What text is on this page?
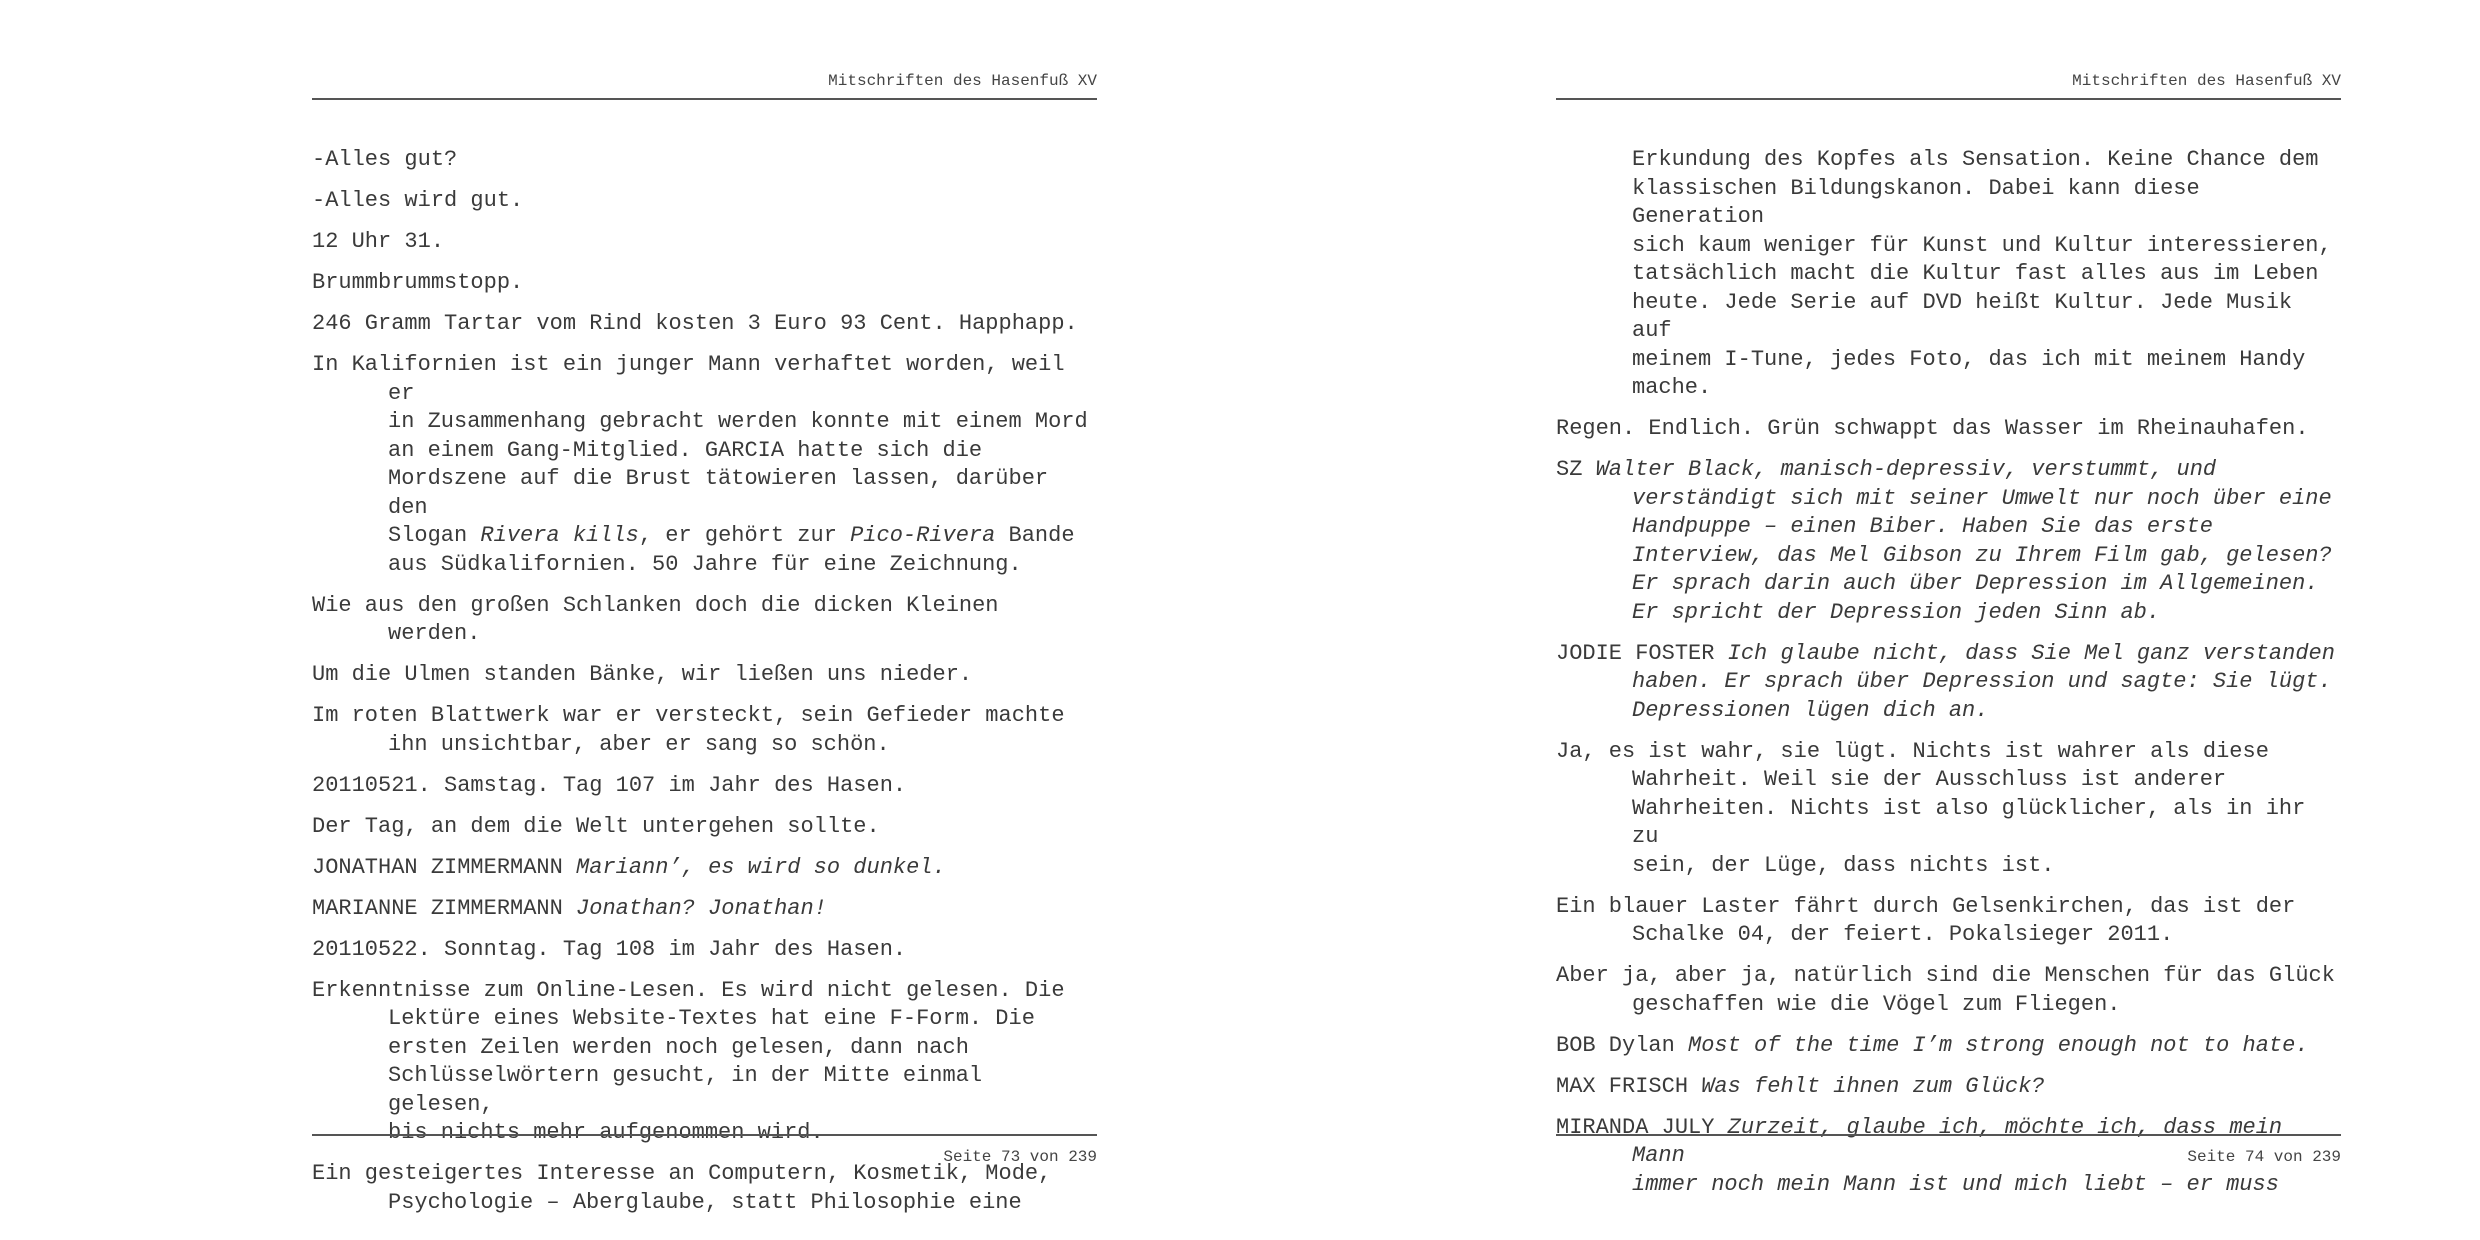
Mitschriften des Hasenfuß XV

-Alles gut?

-Alles wird gut.

12 Uhr 31.

Brummbrummstopp.

246 Gramm Tartar vom Rind kosten 3 Euro 93 Cent. Happhapp.

In Kalifornien ist ein junger Mann verhaftet worden, weil er
in Zusammenhang gebracht werden konnte mit einem Mord
an einem Gang-Mitglied. GARCIA hatte sich die
Mordszene auf die Brust tätowieren lassen, darüber den
Slogan Rivera kills, er gehört zur Pico-Rivera Bande
aus Südkalifornien. 50 Jahre für eine Zeichnung.

Wie aus den großen Schlanken doch die dicken Kleinen werden.

Um die Ulmen standen Bänke, wir ließen uns nieder.

Im roten Blattwerk war er versteckt, sein Gefieder machte
ihn unsichtbar, aber er sang so schön.

20110521. Samstag. Tag 107 im Jahr des Hasen.

Der Tag, an dem die Welt untergehen sollte.

JONATHAN ZIMMERMANN Mariann’, es wird so dunkel.

MARIANNE ZIMMERMANN Jonathan? Jonathan!

20110522. Sonntag. Tag 108 im Jahr des Hasen.

Erkenntnisse zum Online-Lesen. Es wird nicht gelesen. Die
Lektüre eines Website-Textes hat eine F-Form. Die
ersten Zeilen werden noch gelesen, dann nach
Schlüsselwörtern gesucht, in der Mitte einmal gelesen,
bis nichts mehr aufgenommen wird.

Ein gesteigertes Interesse an Computern, Kosmetik, Mode,
Psychologie – Aberglaube, statt Philosophie eine

Seite 73 von 239
Mitschriften des Hasenfuß XV

Erkundung des Kopfes als Sensation. Keine Chance dem
klassischen Bildungskanon. Dabei kann diese Generation
sich kaum weniger für Kunst und Kultur interessieren,
tatsächlich macht die Kultur fast alles aus im Leben
heute. Jede Serie auf DVD heißt Kultur. Jede Musik auf
meinem I-Tune, jedes Foto, das ich mit meinem Handy
mache.

Regen. Endlich. Grün schwappt das Wasser im Rheinauhafen.

SZ Walter Black, manisch-depressiv, verstummt, und
verständigt sich mit seiner Umwelt nur noch über eine
Handpuppe – einen Biber. Haben Sie das erste
Interview, das Mel Gibson zu Ihrem Film gab, gelesen?
Er sprach darin auch über Depression im Allgemeinen.
Er spricht der Depression jeden Sinn ab.

JODIE FOSTER Ich glaube nicht, dass Sie Mel ganz verstanden
haben. Er sprach über Depression und sagte: Sie lügt.
Depressionen lügen dich an.

Ja, es ist wahr, sie lügt. Nichts ist wahrer als diese
Wahrheit. Weil sie der Ausschluss ist anderer
Wahrheiten. Nichts ist also glücklicher, als in ihr zu
sein, der Lüge, dass nichts ist.

Ein blauer Laster fährt durch Gelsenkirchen, das ist der
Schalke 04, der feiert. Pokalsieger 2011.

Aber ja, aber ja, natürlich sind die Menschen für das Glück
geschaffen wie die Vögel zum Fliegen.

BOB Dylan Most of the time I’m strong enough not to hate.

MAX FRISCH Was fehlt ihnen zum Glück?

MIRANDA JULY Zurzeit, glaube ich, möchte ich, dass mein Mann
immer noch mein Mann ist und mich liebt – er muss

Seite 74 von 239
